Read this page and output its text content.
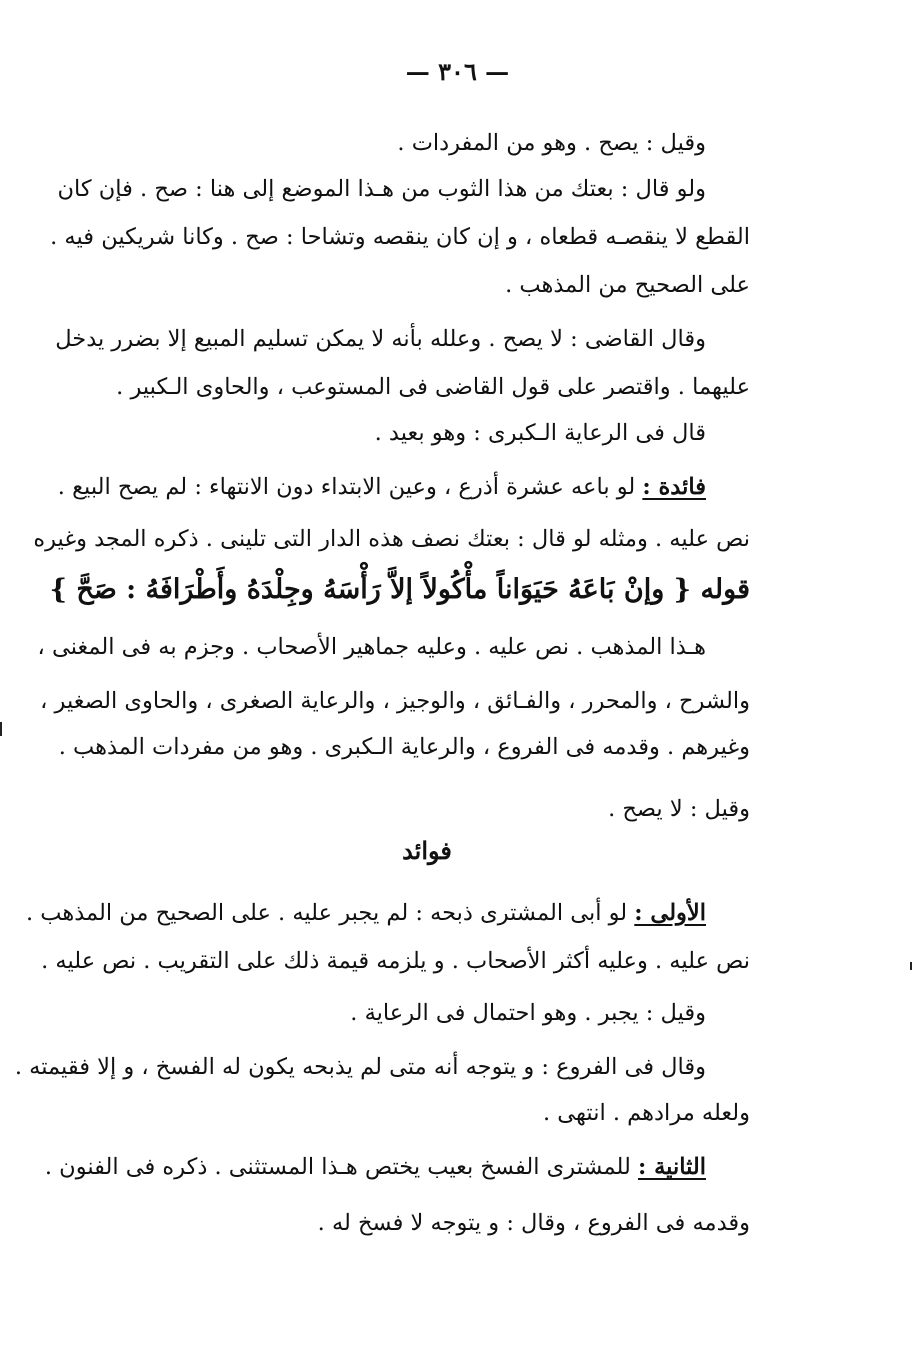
— ٣٠٦ —
وقيل : يصح . وهو من المفردات .
ولو قال : بعتك من هذا الثوب من هـذا الموضع إلى هنا : صح . فإن كان
القطع لا ينقصـه قطعاه ، و إن كان ينقصه وتشاحا : صح . وكانا شريكين فيه .
على الصحيح من المذهب .
وقال القاضى : لا يصح . وعلله بأنه لا يمكن تسليم المبيع إلا بضرر يدخل
عليهما . واقتصر على قول القاضى فى المستوعب ، والحاوى الـكبير .
قال فى الرعاية الـكبرى : وهو بعيد .
فائدة : لو باعه عشرة أذرع ، وعين الابتداء دون الانتهاء : لم يصح البيع .
نص عليه . ومثله لو قال : بعتك نصف هذه الدار التى تلينى . ذكره المجد وغيره
قوله { وإنْ بَاعَهُ حَيَوَاناً مأْكُولاً إلاَّ رَأْسَهُ وجِلْدَهُ وأَطْرَافَهُ : صَحَّ }
هـذا المذهب . نص عليه . وعليه جماهير الأصحاب . وجزم به فى المغنى ،
والشرح ، والمحرر ، والفـائق ، والوجيز ، والرعاية الصغرى ، والحاوى الصغير ،
وغيرهم . وقدمه فى الفروع ، والرعاية الـكبرى . وهو من مفردات المذهب .
وقيل : لا يصح .
فوائد
الأولى : لو أبى المشترى ذبحه : لم يجبر عليه . على الصحيح من المذهب .
نص عليه . وعليه أكثر الأصحاب . و يلزمه قيمة ذلك على التقريب . نص عليه .
وقيل : يجبر . وهو احتمال فى الرعاية .
وقال فى الفروع : و يتوجه أنه متى لم يذبحه يكون له الفسخ ، و إلا فقيمته .
ولعله مرادهم . انتهى .
الثانية : للمشترى الفسخ بعيب يختص هـذا المستثنى . ذكره فى الفنون .
وقدمه فى الفروع ، وقال : و يتوجه لا فسخ له .
